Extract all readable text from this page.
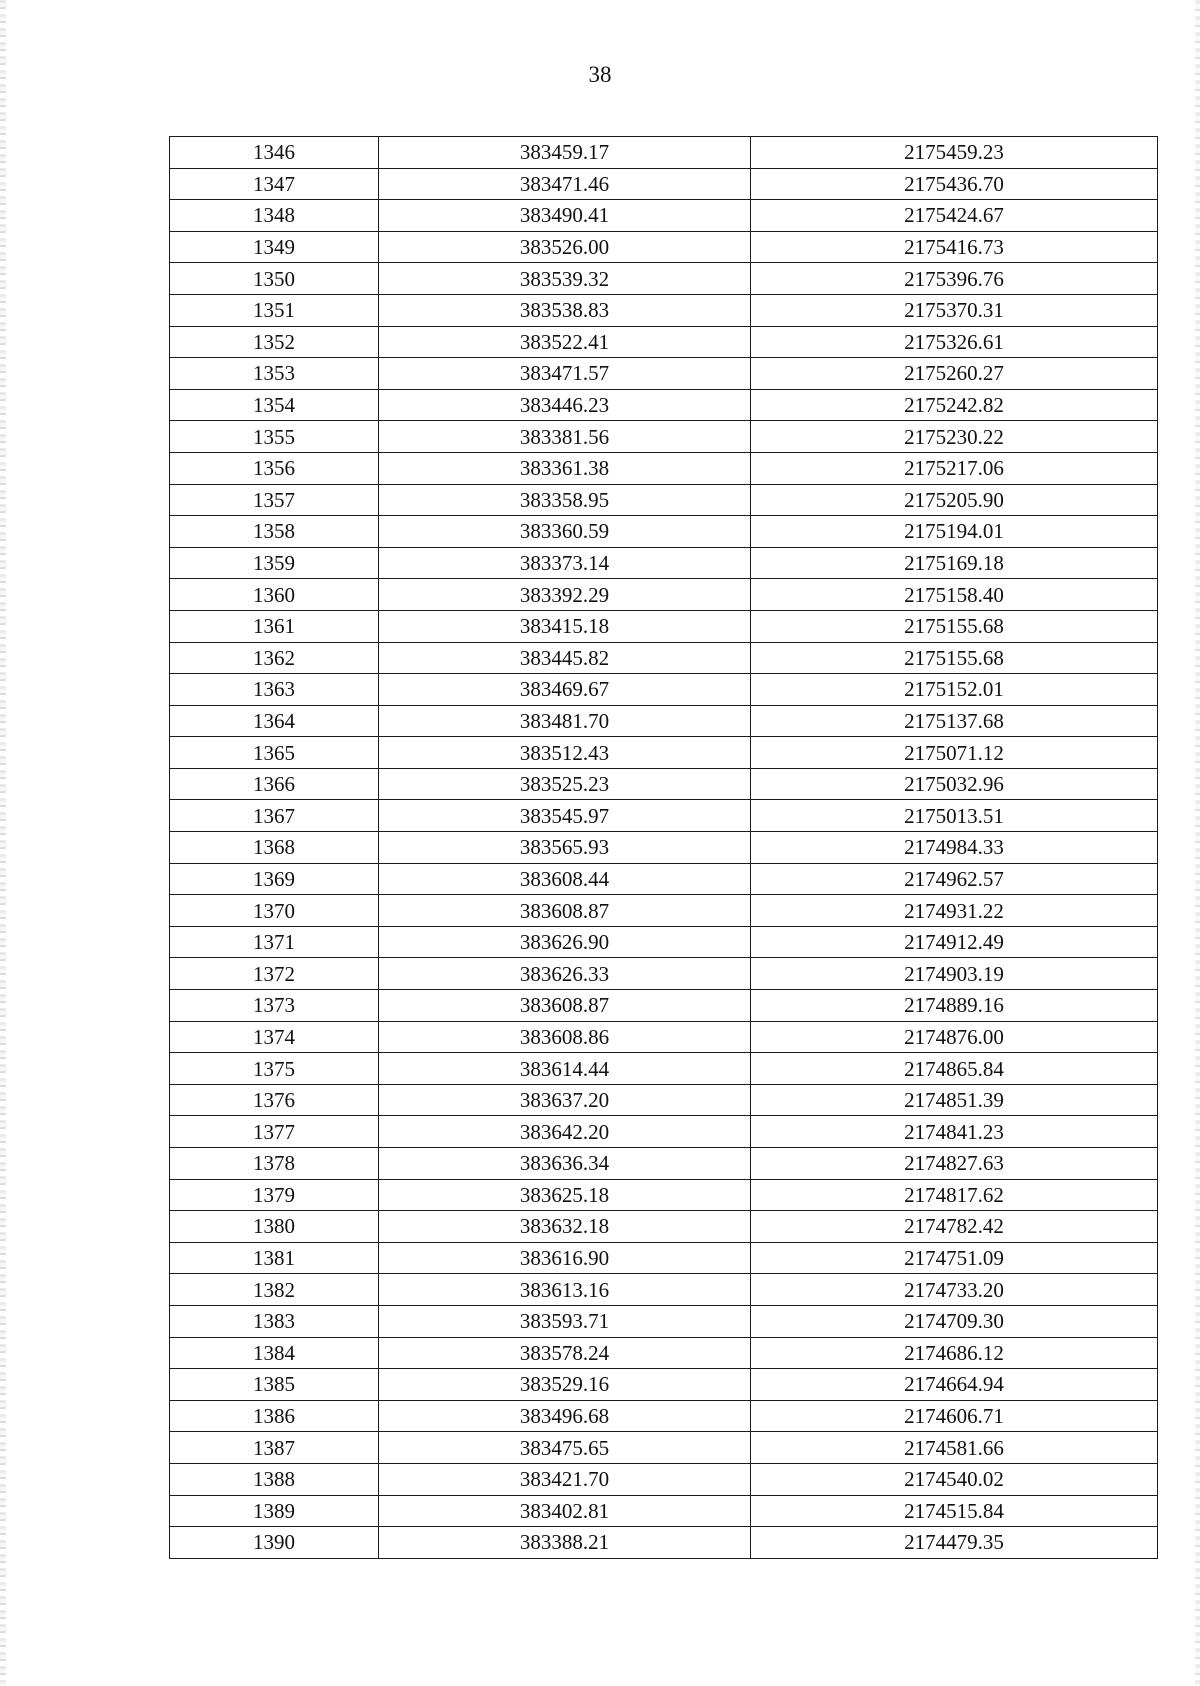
38
1346	383459.17	2175459.23
1347	383471.46	2175436.70
1348	383490.41	2175424.67
1349	383526.00	2175416.73
1350	383539.32	2175396.76
1351	383538.83	2175370.31
1352	383522.41	2175326.61
1353	383471.57	2175260.27
1354	383446.23	2175242.82
1355	383381.56	2175230.22
1356	383361.38	2175217.06
1357	383358.95	2175205.90
1358	383360.59	2175194.01
1359	383373.14	2175169.18
1360	383392.29	2175158.40
1361	383415.18	2175155.68
1362	383445.82	2175155.68
1363	383469.67	2175152.01
1364	383481.70	2175137.68
1365	383512.43	2175071.12
1366	383525.23	2175032.96
1367	383545.97	2175013.51
1368	383565.93	2174984.33
1369	383608.44	2174962.57
1370	383608.87	2174931.22
1371	383626.90	2174912.49
1372	383626.33	2174903.19
1373	383608.87	2174889.16
1374	383608.86	2174876.00
1375	383614.44	2174865.84
1376	383637.20	2174851.39
1377	383642.20	2174841.23
1378	383636.34	2174827.63
1379	383625.18	2174817.62
1380	383632.18	2174782.42
1381	383616.90	2174751.09
1382	383613.16	2174733.20
1383	383593.71	2174709.30
1384	383578.24	2174686.12
1385	383529.16	2174664.94
1386	383496.68	2174606.71
1387	383475.65	2174581.66
1388	383421.70	2174540.02
1389	383402.81	2174515.84
1390	383388.21	2174479.35
